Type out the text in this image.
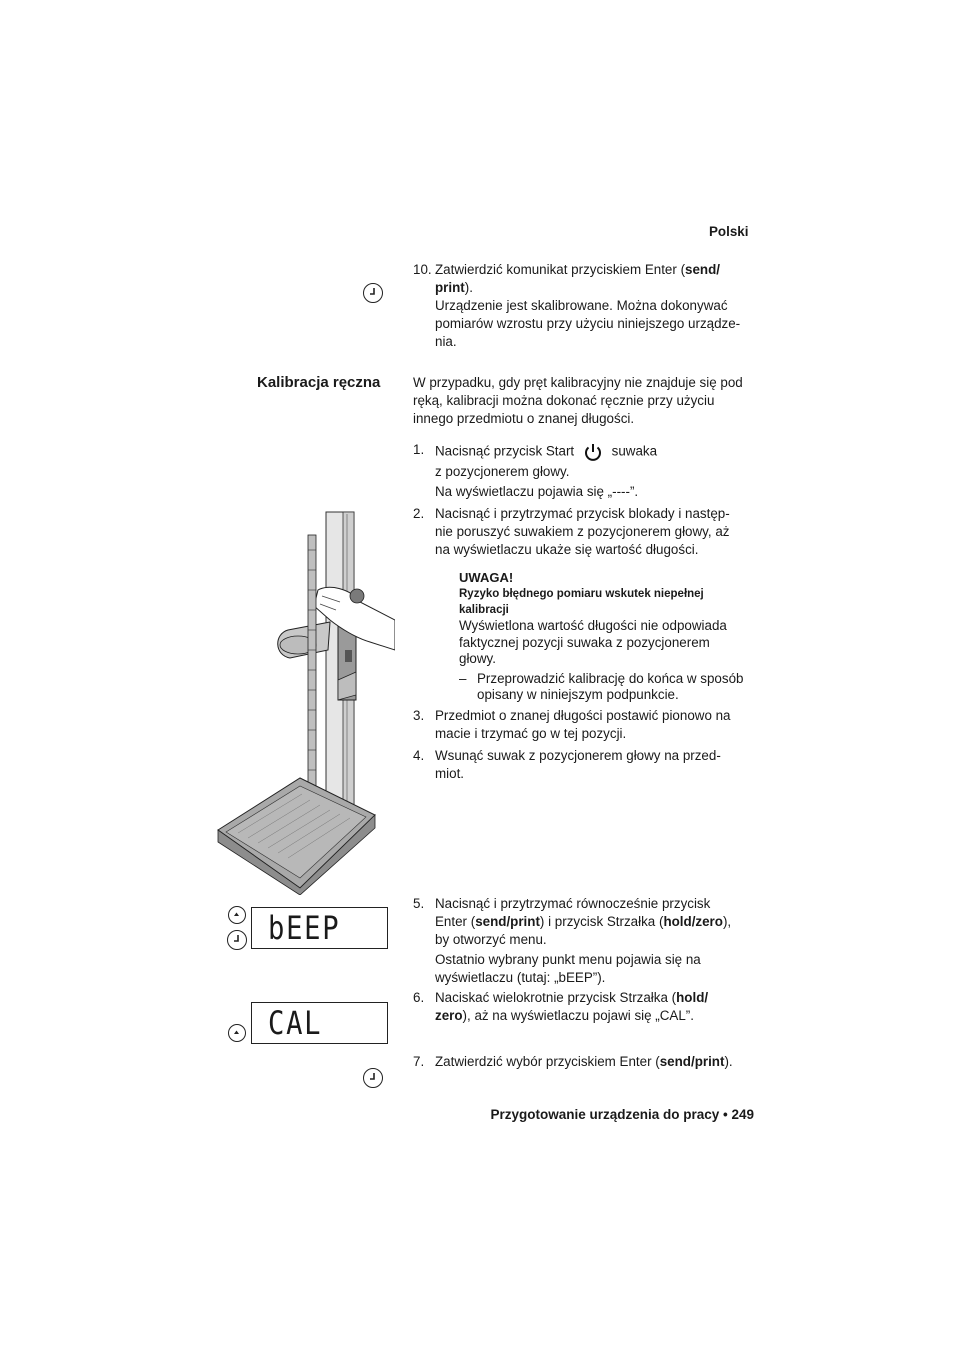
Polski
10. Zatwierdzić komunikat przyciskiem Enter (send/
print).
Urządzenie jest skalibrowane. Można dokonywać
pomiarów wzrostu przy użyciu niniejszego urządze-
nia.
Kalibracja ręczna W przypadku, gdy pręt kalibracyjny nie znajduje się pod
ręką, kalibracji można dokonać ręcznie przy użyciu
innego przedmiotu o znanej długości.
1. Nacisnąć przycisk Start	suwaka
z pozycjonerem głowy.
Na wyświetlaczu pojawia się „----”.
2. Nacisnąć i przytrzymać przycisk blokady i następ-
nie poruszyć suwakiem z pozycjonerem głowy, aż
na wyświetlaczu ukaże się wartość długości.
UWAGA!
Ryzyko błędnego pomiaru wskutek niepełnej
kalibracji
Wyświetlona wartość długości nie odpowiada
faktycznej pozycji suwaka z pozycjonerem
głowy.
– Przeprowadzić kalibrację do końca w sposób
opisany w niniejszym podpunkcie.
3. Przedmiot o znanej długości postawić pionowo na
macie i trzymać go w tej pozycji.
4. Wsunąć suwak z pozycjonerem głowy na przed-
miot.
bEEP
5. Nacisnąć i przytrzymać równocześnie przycisk
Enter (send/print) i przycisk Strzałka (hold/zero),
by otworzyć menu.
Ostatnio wybrany punkt menu pojawia się na
wyświetlaczu (tutaj: „bEEP”).
CAL
6. Naciskać wielokrotnie przycisk Strzałka (hold/
zero), aż na wyświetlaczu pojawi się „CAL”.
7. Zatwierdzić wybór przyciskiem Enter (send/print).
Przygotowanie urządzenia do pracy • 249
